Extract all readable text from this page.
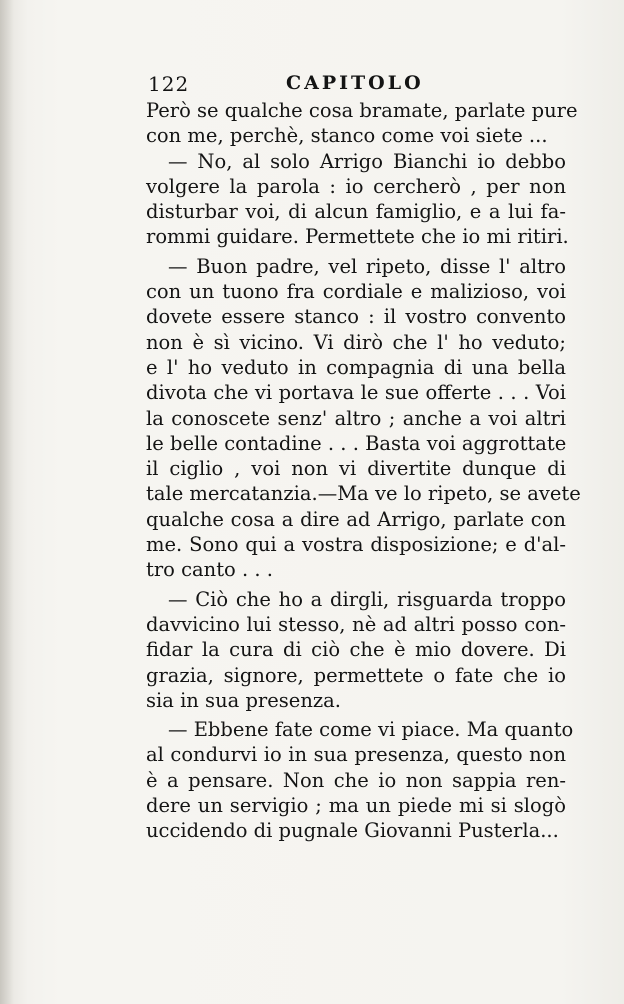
122	CAPITOLO
Però se qualche cosa bramate, parlate pure
con me, perchè, stanco come voi siete ...
— No, al solo Arrigo Bianchi io debbo
volgere la parola : io cercherò , per non
disturbar voi, di alcun famiglio, e a lui fa-
rommi guidare. Permettete che io mi ritiri.
— Buon padre, vel ripeto, disse l' altro
con un tuono fra cordiale e malizioso, voi
dovete essere stanco : il vostro convento
non è sì vicino. Vi dirò che l' ho veduto;
e l' ho veduto in compagnia di una bella
divota che vi portava le sue offerte . . . Voi
la conoscete senz' altro ; anche a voi altri
le belle contadine . . . Basta voi aggrottate
il ciglio , voi non vi divertite dunque di
tale mercatanzia.—Ma ve lo ripeto, se avete
qualche cosa a dire ad Arrigo, parlate con
me. Sono qui a vostra disposizione; e d'al-
tro canto . . .
— Ciò che ho a dirgli, risguarda troppo
davvicino lui stesso, nè ad altri posso con-
fidar la cura di ciò che è mio dovere. Di
grazia, signore, permettete o fate che io
sia in sua presenza.
— Ebbene fate come vi piace. Ma quanto
al condurvi io in sua presenza, questo non
è a pensare. Non che io non sappia ren-
dere un servigio ; ma un piede mi si slogò
uccidendo di pugnale Giovanni Pusterla...
